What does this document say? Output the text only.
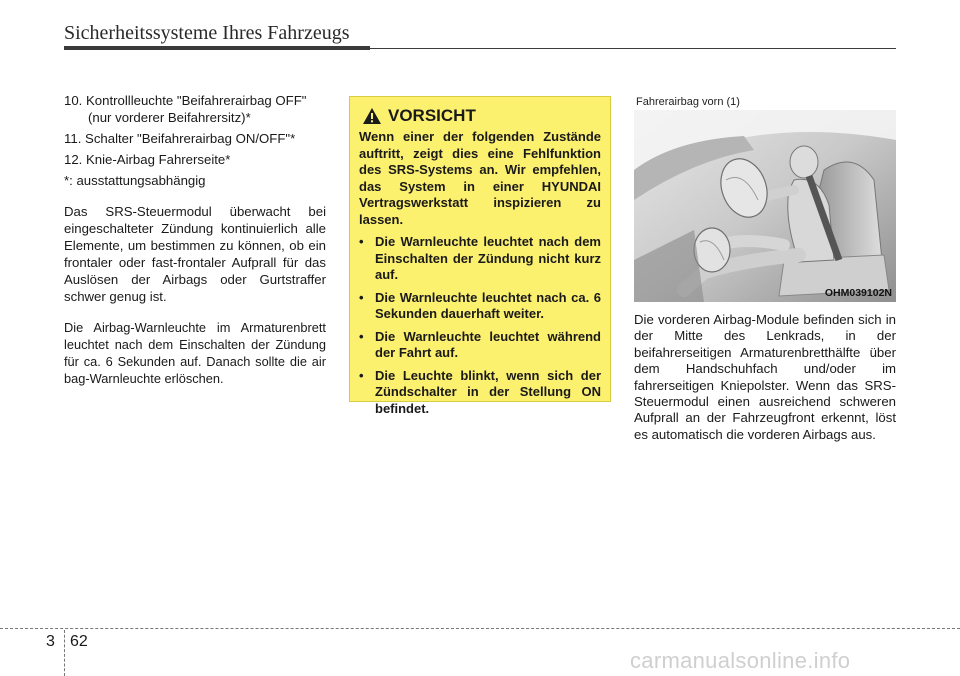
Sicherheitssysteme Ihres Fahrzeugs
10. Kontrollleuchte "Beifahrerairbag OFF"
(nur vorderer Beifahrersitz)*
11. Schalter "Beifahrerairbag ON/OFF"*
12. Knie-Airbag Fahrerseite*
*: ausstattungsabhängig

Das SRS-Steuermodul überwacht bei eingeschalteter Zündung kontinuierlich alle Elemente, um bestimmen zu können, ob ein frontaler oder fast-frontaler Aufprall für das Auslösen der Airbags oder Gurtstraffer schwer genug ist.

Die Airbag-Warnleuchte im Armaturenbrett leuchtet nach dem Einschalten der Zündung für ca. 6 Sekunden auf. Danach sollte die air bag-Warnleuchte erlöschen.

VORSICHT
Wenn einer der folgenden Zustände auftritt, zeigt dies eine Fehlfunktion des SRS-Systems an. Wir empfehlen, das System in einer HYUNDAI Vertragswerkstatt inspizieren zu lassen.
• Die Warnleuchte leuchtet nach dem Einschalten der Zündung nicht kurz auf.
• Die Warnleuchte leuchtet nach ca. 6 Sekunden dauerhaft weiter.
• Die Warnleuchte leuchtet während der Fahrt auf.
• Die Leuchte blinkt, wenn sich der Zündschalter in der Stellung ON befindet.
Fahrerairbag vorn (1)
OHM039102N

Die vorderen Airbag-Module befinden sich in der Mitte des Lenkrads, in der beifahrerseitigen Armaturenbretthälfte über dem Handschuhfach und/oder im fahrerseitigen Kniepolster. Wenn das SRS-Steuermodul einen ausreichend schweren Aufprall an der Fahrzeugfront erkennt, löst es automatisch die vorderen Airbags aus.

3 62
carmanualsonline.info
